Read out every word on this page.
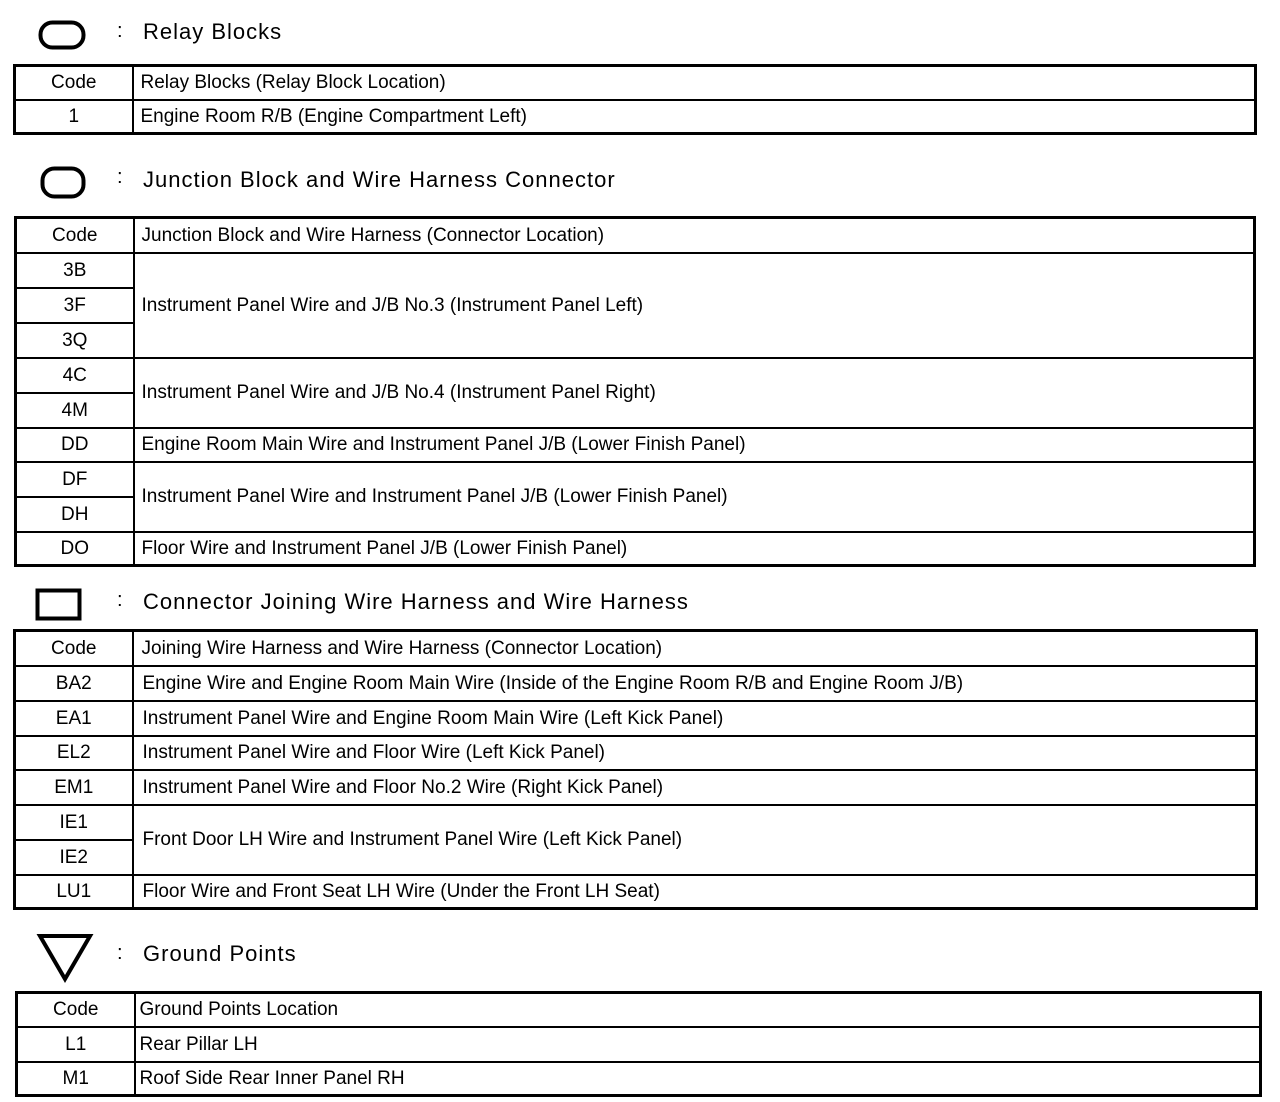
: Relay Blocks
Code	Relay Blocks (Relay Block Location)
1	Engine Room R/B (Engine Compartment Left)
: Junction Block and Wire Harness Connector
Code	Junction Block and Wire Harness (Connector Location)
3B	Instrument Panel Wire and J/B No.3 (Instrument Panel Left)
3F	
3Q	
4C	Instrument Panel Wire and J/B No.4 (Instrument Panel Right)
4M	
DD	Engine Room Main Wire and Instrument Panel J/B (Lower Finish Panel)
DF	Instrument Panel Wire and Instrument Panel J/B (Lower Finish Panel)
DH	
DO	Floor Wire and Instrument Panel J/B (Lower Finish Panel)
: Connector Joining Wire Harness and Wire Harness
Code	Joining Wire Harness and Wire Harness (Connector Location)
BA2	Engine Wire and Engine Room Main Wire (Inside of the Engine Room R/B and Engine Room J/B)
EA1	Instrument Panel Wire and Engine Room Main Wire (Left Kick Panel)
EL2	Instrument Panel Wire and Floor Wire (Left Kick Panel)
EM1	Instrument Panel Wire and Floor No.2 Wire (Right Kick Panel)
IE1	Front Door LH Wire and Instrument Panel Wire (Left Kick Panel)
IE2	
LU1	Floor Wire and Front Seat LH Wire (Under the Front LH Seat)
: Ground Points
Code	Ground Points Location
L1	Rear Pillar LH
M1	Roof Side Rear Inner Panel RH
